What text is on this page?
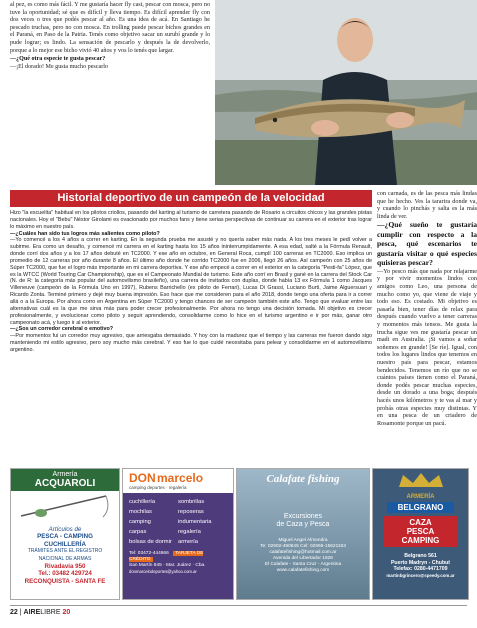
al pez, es como más fácil. Y me gustaría hacer fly cast, pescar con mosca, pero no tuve la oportunidad; sé que es difícil y lleva tiempo. Es difícil aprender fly con dos veces o tres que podés pescar al año. Es una idea de acá. En Santiago he pescado truchas, pero no con mosca. En trolling puede pescar bichos grandes en el Paraná, en Paso de la Patria. Tenés como objetivo sacar un surubí grande y lo pude lograr; es lindo. La sensación de pescarlo y después la de devolverlo, porque a lo mejor ese bicho vivió 40 años y vos lo tenés que largar.

—¿Qué otra especie te gusta pescar?

—¡El dorado! Me gusta mucho pescarlo

Historial deportivo de un campeón de la velocidad

Hizo "la escuelita" habitual en los pilotos criollos, pasando del karting al turismo de carretera pasando de Rosario a circuitos chicos y las grandes pistas nacionales. Hoy el "Bebu" Néstor Girolami es ovacionado por muchos fans y tiene serias perspectivas de continuar su carrera en el exterior tras lograr lo máximo en nuestro país.

—¿Cuáles han sido tus logros más salientes como piloto?

—Yo comencé a los 4 años a correr en karting. En la segunda prueba me asusté y no quería saber más nada. A los tres meses le pedí volver a subirme. Era como un desafío, y comencé mi carrera en el karting hasta los 15 años ininterrumpidamente. A esa edad, salté a la Fórmula Renault, donde corrí dos años y a los 17 años debuté en TC2000. Y ese año en octubre, en General Roca, cumplí 100 carreras en TC2000. Eso implica un promedio de 12 carreras por año durante 8 años. El último año donde he corrido TC2000 fue en 2006, llegó 26 años. Así campeón con 25 años de Súper TC2000, que fue el logro más importante en mi carrera deportiva. Y ese año empecé a correr en el exterior en la categoría "Pesti-fa" López, que es la WTCC (World Touring Car Championship), que es el Campeonato Mundial de turismo. Este año corrí en Brasil y gané en la carrera del Stock Car (N. de R: la categoría más popular del automovilismo brasileño), una carrera de invitados con duplas, donde había 13 ex Fórmula 1 como Jacques Villeneuve (campeón de la Fórmula Uno en 1997), Rubens Barrichello (ex piloto de Ferrari), Lucas Di Grassi, Luciano Burti, Jaime Alguersuari y Ricardo Zonta. Terminé primero y dejé muy buena impresión. Eso hace que me consideren para el año 2018, donde tengo una oferta para ir a correr allá o a la Europa. Por ahora corro en Argentina en Súper TC2000 y tengo chances de ser campeón también este año. Tengo que evaluar entre las alternativas cuál es la que me sirva más para poder crecer profesionalmente. Por ahora no tengo una decisión tomada. Mi objetivo es crecer profesionalmente, y evolucionar como piloto y seguir aprendiendo, consolidarme como lo hice en el turismo argentino e ir por más, ganar otro campeonato acá, y luego ir al exterior.

—¿Sos un corredor cerebral o emotivo?

—Por momentos fui un corredor muy agresivo, que arriesgaba demasiado. Y hoy con la madurez que el tiempo y las carreras me fueron dando sigo manteniendo mi estilo agresivo, pero soy mucho más cerebral. Y eso fue lo que cuidé necesitaba para pelear y consolidarme en el automovilismo argentino.

con carnada, es de las pesca más lindas que he hecho. Ves la tararira donde va, y cuando lo pinchás y salta es la más linda de ver.

—¿Qué sueño te gustaría cumplir con respecto a la pesca, qué escenarios te gustaría visitar o qué especies quisieras pescar?

—Yo pesco más que nada por relajarme y por vivir momentos lindos con amigos como Leo, una persona de mucho como yo, que viene de viaje y todo eso. Es costado. Mi objetivo es pasarla bien, tener días de relax para después cuando vuelvo a tener carreras y momentos más tensos. Me gusta la trucha sigue ves me gustaría pescar un madi en Australia. ¡Si vamos a soñar soñemos en grande! [Se ríe]. Igual, con todos los lugares lindos que tenemos en nuestro país para pescar, estamos bendecidos. Tenemos un río que no se cuántos países tienen como el Paraná, donde podés pescar muchas especies, desde un dorado a una boga; después hacés unos kilómetros y te vas al mar y probás otras especies muy distintas. Y en una pesca de un criadero de Rosamonte porque un pacú.

Armería
ACQUAROLI
Artículos de
PESCA - CAMPING
CUCHILLERÍA
TRÁMITES ANTE EL REGISTRO
NACIONAL DE ARMAS
Rivadavia 950
Tel.: 03482 429724
RECONQUISTA - SANTA FE
DON marcelo
camping deportes · regalería
cuchillería
mochilas
camping
carpas
bolsas de dormir
sombrillas
reposeras
indumentaria
regalería
armería
Tel: 03472-444666 TARJETA DE CRÉDITO
San Martín 845 · Mar. Juárez · Cba.
donmarcelodeportes@yahoo.com.ar
Calafate fishing
Excursiones
de Caza y Pesca
Miguel Angel Almendra
Te: 02902-490645 Cel: 02966-15621163
calafatefishing@hotmail.com.ar
Avenida del Libertador 1826
El Calafate - Santa Cruz - Argentina
www.calafatefishing.com
ARMERÍA
BELGRANO
CAZA
PESCA
CAMPING
Belgrano 561
Puerto Madryn - Chubut
Telefax: 0280-4471709
martinbgrincero@speedy.com.ar
22 | AIRELIBRE 20
